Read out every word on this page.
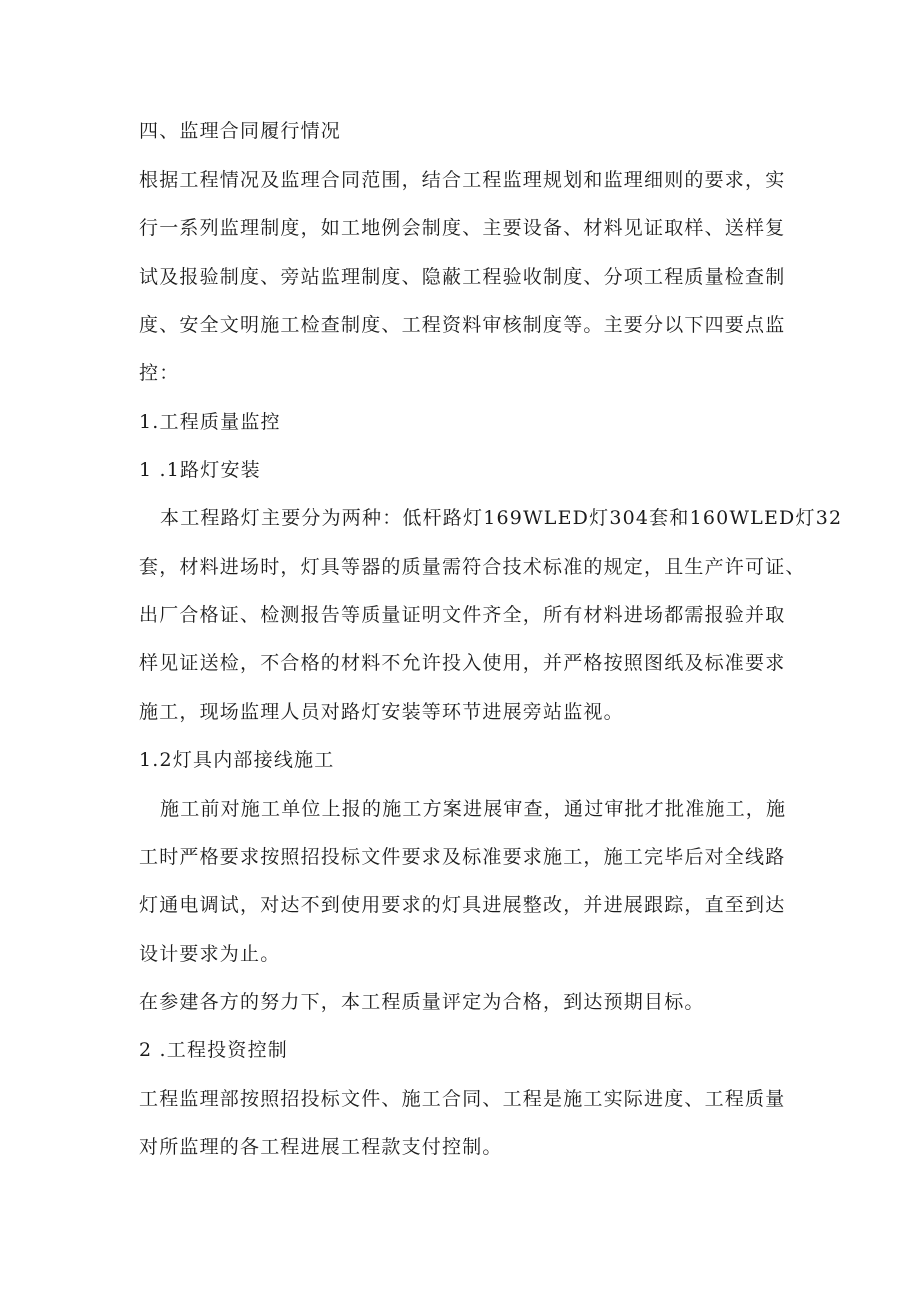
四、监理合同履行情况
根据工程情况及监理合同范围，结合工程监理规划和监理细则的要求，实
行一系列监理制度，如工地例会制度、主要设备、材料见证取样、送样复
试及报验制度、旁站监理制度、隐蔽工程验收制度、分项工程质量检查制
度、安全文明施工检查制度、工程资料审核制度等。主要分以下四要点监
控：
1.工程质量监控
1 .1路灯安装
本工程路灯主要分为两种：低杆路灯169WLED灯304套和160WLED灯32
套，材料进场时，灯具等器的质量需符合技术标准的规定，且生产许可证、
出厂合格证、检测报告等质量证明文件齐全，所有材料进场都需报验并取
样见证送检，不合格的材料不允许投入使用，并严格按照图纸及标准要求
施工，现场监理人员对路灯安装等环节进展旁站监视。
1.2灯具内部接线施工
施工前对施工单位上报的施工方案进展审查，通过审批才批准施工，施
工时严格要求按照招投标文件要求及标准要求施工，施工完毕后对全线路
灯通电调试，对达不到使用要求的灯具进展整改，并进展跟踪，直至到达
设计要求为止。
在参建各方的努力下，本工程质量评定为合格，到达预期目标。
2 .工程投资控制
工程监理部按照招投标文件、施工合同、工程是施工实际进度、工程质量
对所监理的各工程进展工程款支付控制。
